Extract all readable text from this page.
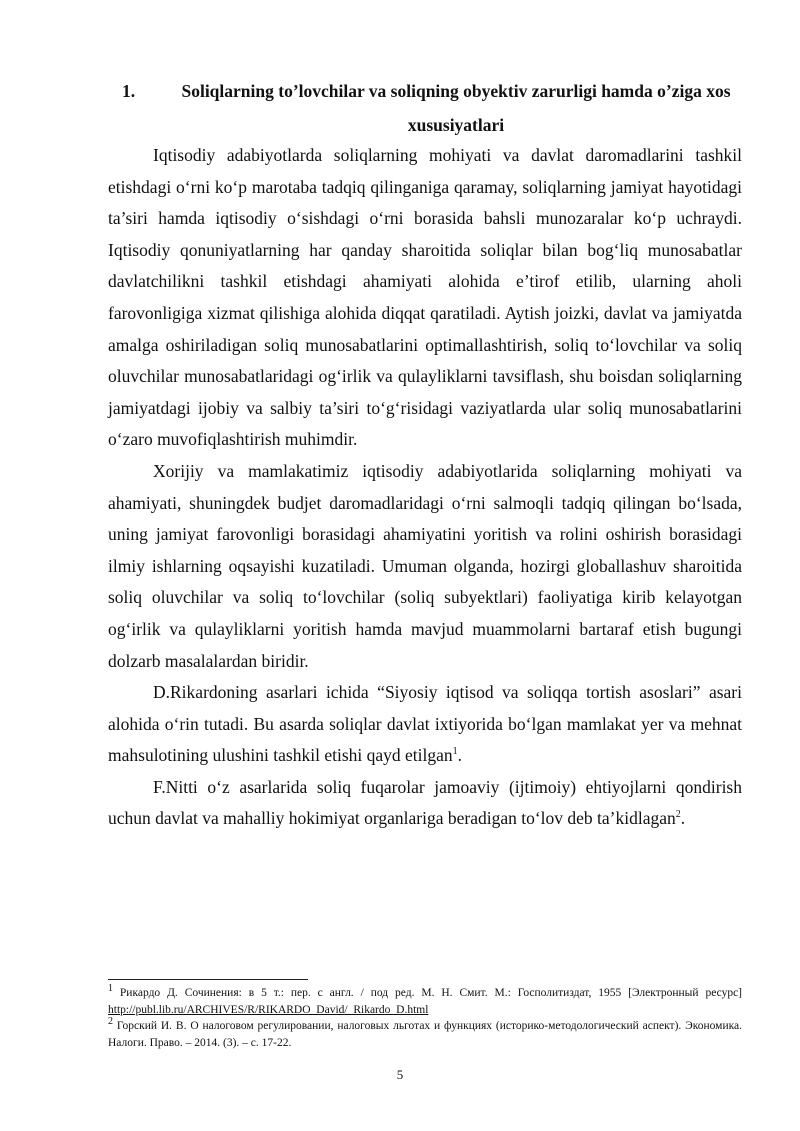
1.	Soliqlarning to’lovchilar va soliqning obyektiv zarurligi hamda o’ziga xos xususiyatlari

Iqtisodiy adabiyotlarda soliqlarning mohiyati va davlat daromadlarini tashkil etishdagi o‘rni ko‘p marotaba tadqiq qilinganiga qaramay, soliqlarning jamiyat hayotidagi ta’siri hamda iqtisodiy o‘sishdagi o‘rni borasida bahsli munozaralar ko‘p uchraydi. Iqtisodiy qonuniyatlarning har qanday sharoitida soliqlar bilan bog‘liq munosabatlar davlatchilikni tashkil etishdagi ahamiyati alohida e’tirof etilib, ularning aholi farovonligiga xizmat qilishiga alohida diqqat qaratiladi. Aytish joizki, davlat va jamiyatda amalga oshiriladigan soliq munosabatlarini optimallashtirish, soliq to‘lovchilar va soliq oluvchilar munosabatlaridagi og‘irlik va qulayliklarni tavsiflash, shu boisdan soliqlarning jamiyatdagi ijobiy va salbiy ta’siri to‘g‘risidagi vaziyatlarda ular soliq munosabatlarini o‘zaro muvofiqlashtirish muhimdir.

Xorijiy va mamlakatimiz iqtisodiy adabiyotlarida soliqlarning mohiyati va ahamiyati, shuningdek budjet daromadlaridagi o‘rni salmoqli tadqiq qilingan bo‘lsada, uning jamiyat farovonligi borasidagi ahamiyatini yoritish va rolini oshirish borasidagi ilmiy ishlarning oqsayishi kuzatiladi. Umuman olganda, hozirgi globallashuv sharoitida soliq oluvchilar va soliq to‘lovchilar (soliq subyektlari) faoliyatiga kirib kelayotgan og‘irlik va qulayliklarni yoritish hamda mavjud muammolarni bartaraf etish bugungi dolzarb masalalardan biridir.

D.Rikardoning asarlari ichida “Siyosiy iqtisod va soliqqa tortish asoslari” asari alohida o‘rin tutadi. Bu asarda soliqlar davlat ixtiyorida bo‘lgan mamlakat yer va mehnat mahsulotining ulushini tashkil etishi qayd etilgan$^1$.

F.Nitti o‘z asarlarida soliq fuqarolar jamoaviy (ijtimoiy) ehtiyojlarni qondirish uchun davlat va mahalliy hokimiyat organlariga beradigan to‘lov deb ta’kidlagan$^2$.

$^1$ Рикардо Д. Сочинения: в 5 т.: пер. с англ. / под ред. М. Н. Смит. М.: Госполитиздат, 1955 [Электронный ресурс] http://publ.lib.ru/ARCHIVES/R/RIKARDO_David/_Rikardo_D.html

$^2$ Горский И. В. О налоговом регулировании, налоговых льготах и функциях (историко-методологический аспект). Экономика. Налоги. Право. – 2014. (3). – с. 17-22.

5
